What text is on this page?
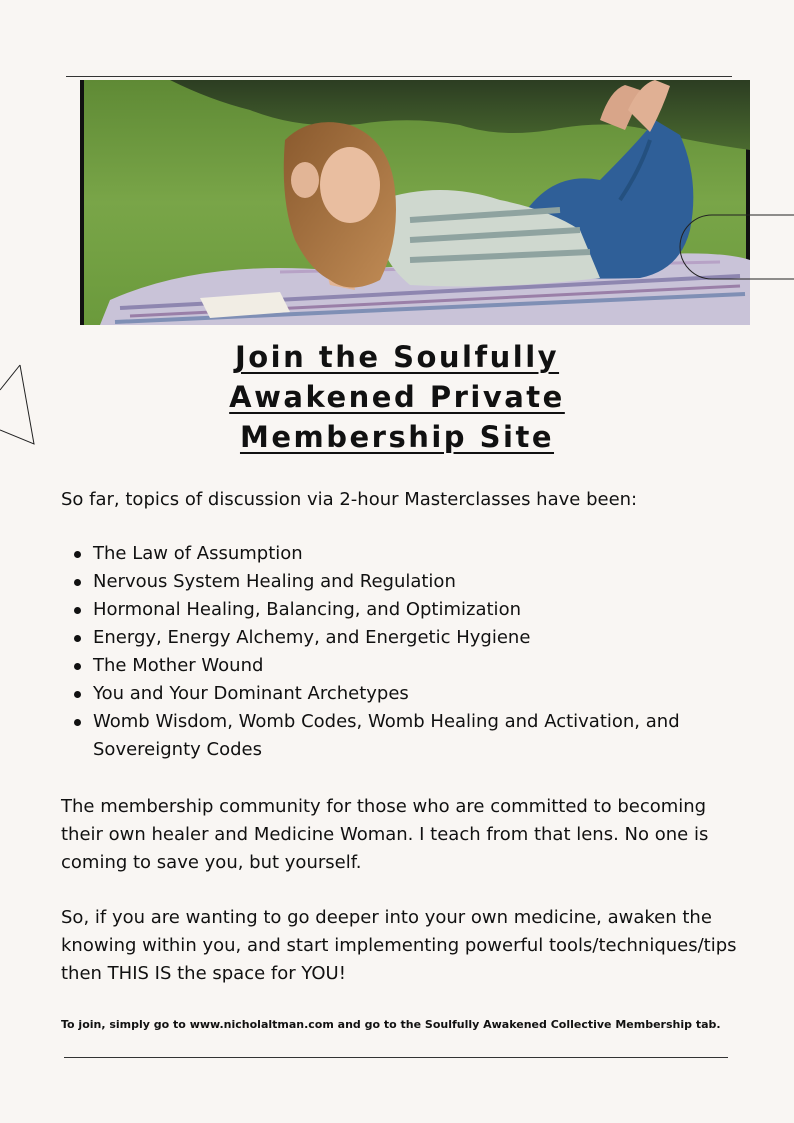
Join the Soulfully
Awakened Private
Membership Site

So far, topics of discussion via 2-hour Masterclasses have been:

The Law of Assumption
Nervous System Healing and Regulation
Hormonal Healing, Balancing, and Optimization
Energy, Energy Alchemy, and Energetic Hygiene
The Mother Wound
You and Your Dominant Archetypes
Womb Wisdom, Womb Codes, Womb Healing and Activation, and Sovereignty Codes

The membership community for those who are committed to becoming their own healer and Medicine Woman. I teach from that lens. No one is coming to save you, but yourself.

So, if you are wanting to go deeper into your own medicine, awaken the knowing within you, and start implementing powerful tools/techniques/tips then THIS IS the space for YOU!

To join, simply go to www.nicholaltman.com and go to the Soulfully Awakened Collective Membership tab.
